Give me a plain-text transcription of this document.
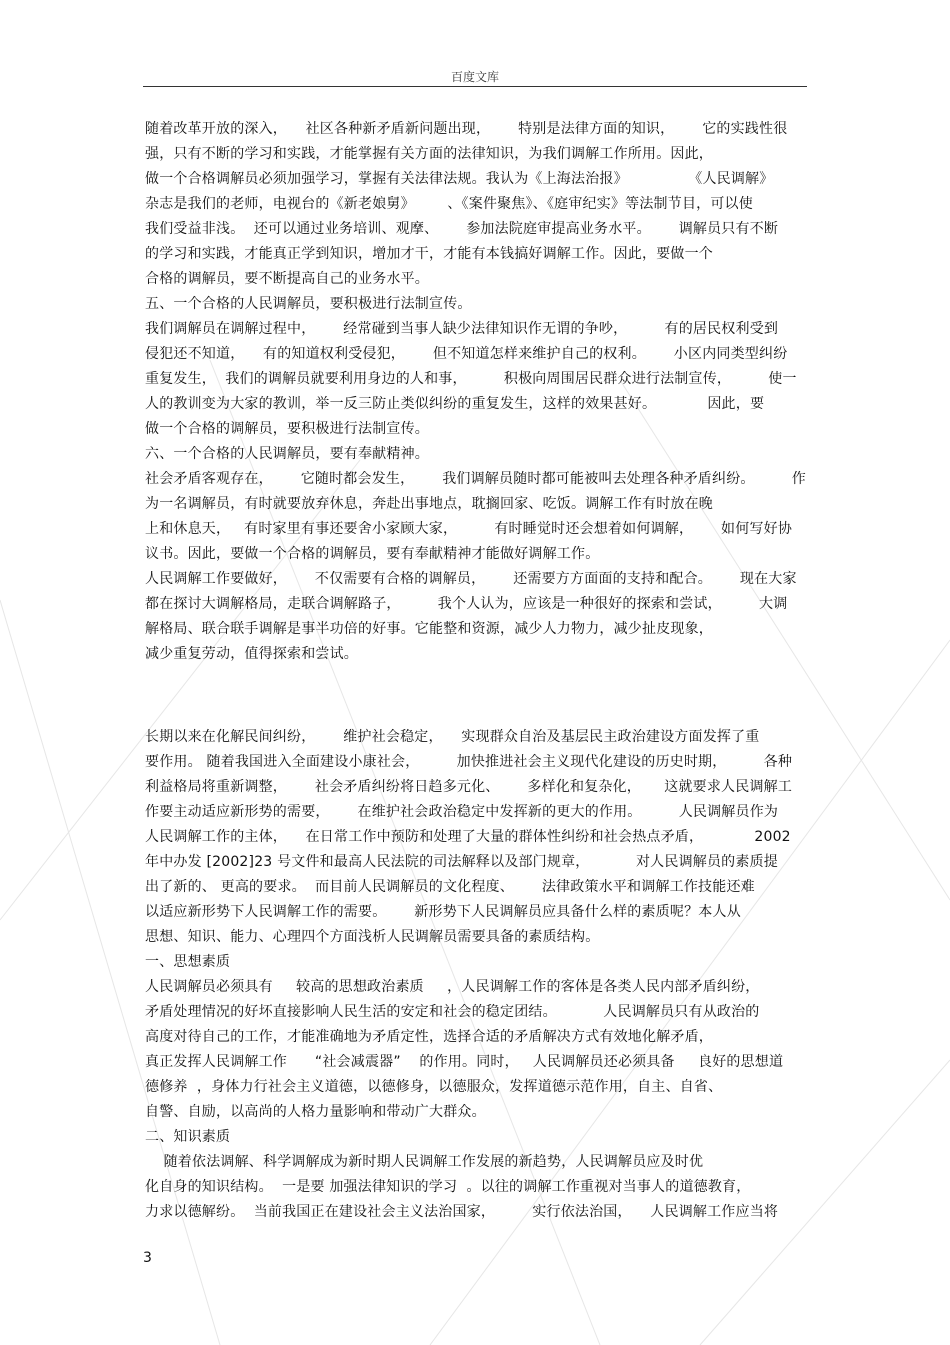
百度文库
随着改革开放的深入，    社区各种新矛盾新问题出现，      特别是法律方面的知识，      它的实践性很
强，只有不断的学习和实践，才能掌握有关方面的法律知识，为我们调解工作所用。因此，
做一个合格调解员必须加强学习，掌握有关法律法规。我认为《上海法治报》             《人民调解》
杂志是我们的老师，电视台的《新老娘舅》       、《案件聚焦》、《庭审纪实》等法制节目，可以使
我们受益非浅。  还可以通过业务培训、观摩、      参加法院庭审提高业务水平。      调解员只有不断
的学习和实践，才能真正学到知识，增加才干，才能有本钱搞好调解工作。因此，要做一个
合格的调解员，要不断提高自己的业务水平。
五、一个合格的人民调解员，要积极进行法制宣传。
我们调解员在调解过程中，      经常碰到当事人缺少法律知识作无谓的争吵，        有的居民权利受到
侵犯还不知道，    有的知道权利受侵犯，      但不知道怎样来维护自己的权利。      小区内同类型纠纷
重复发生，  我们的调解员就要利用身边的人和事，        积极向周围居民群众进行法制宣传，        使一
人的教训变为大家的教训，举一反三防止类似纠纷的重复发生，这样的效果甚好。           因此，要
做一个合格的调解员，要积极进行法制宣传。
六、一个合格的人民调解员，要有奉献精神。
社会矛盾客观存在，      它随时都会发生，      我们调解员随时都可能被叫去处理各种矛盾纠纷。        作
为一名调解员，有时就要放弃休息，奔赴出事地点，耽搁回家、吃饭。调解工作有时放在晚
上和休息天，   有时家里有事还要舍小家顾大家，        有时睡觉时还会想着如何调解，      如何写好协
议书。因此，要做一个合格的调解员，要有奉献精神才能做好调解工作。
人民调解工作要做好，      不仅需要有合格的调解员，      还需要方方面面的支持和配合。      现在大家
都在探讨大调解格局，走联合调解路子，        我个人认为，应该是一种很好的探索和尝试，        大调
解格局、联合联手调解是事半功倍的好事。它能整和资源，减少人力物力，减少扯皮现象，
减少重复劳动，值得探索和尝试。
长期以来在化解民间纠纷，      维护社会稳定，    实现群众自治及基层民主政治建设方面发挥了重
要作用。 随着我国进入全面建设小康社会，        加快推进社会主义现代化建设的历史时期，        各种
利益格局将重新调整，      社会矛盾纠纷将日趋多元化、      多样化和复杂化，     这就要求人民调解工
作要主动适应新形势的需要，      在维护社会政治稳定中发挥新的更大的作用。        人民调解员作为
人民调解工作的主体，    在日常工作中预防和处理了大量的群体性纠纷和社会热点矛盾，           2002
年中办发 [2002]23 号文件和最高人民法院的司法解释以及部门规章，          对人民调解员的素质提
出了新的、 更高的要求。  而目前人民调解员的文化程度、      法律政策水平和调解工作技能还难
以适应新形势下人民调解工作的需要。      新形势下人民调解员应具备什么样的素质呢？本人从
思想、知识、能力、心理四个方面浅析人民调解员需要具备的素质结构。
一、思想素质
人民调解员必须具有     较高的思想政治素质     ，人民调解工作的客体是各类人民内部矛盾纠纷，
矛盾处理情况的好坏直接影响人民生活的安定和社会的稳定团结。          人民调解员只有从政治的
高度对待自己的工作，才能准确地为矛盾定性，选择合适的矛盾解决方式有效地化解矛盾，
真正发挥人民调解工作      “社会减震器”    的作用。同时，   人民调解员还必须具备     良好的思想道
德修养  ，身体力行社会主义道德，以德修身，以德服众，发挥道德示范作用，自主、自省、
自警、自励，以高尚的人格力量影响和带动广大群众。
二、知识素质
随着依法调解、科学调解成为新时期人民调解工作发展的新趋势，人民调解员应及时优
化自身的知识结构。  一是要 加强法律知识的学习  。以往的调解工作重视对当事人的道德教育，
力求以德解纷。  当前我国正在建设社会主义法治国家，        实行依法治国，    人民调解工作应当将
3
